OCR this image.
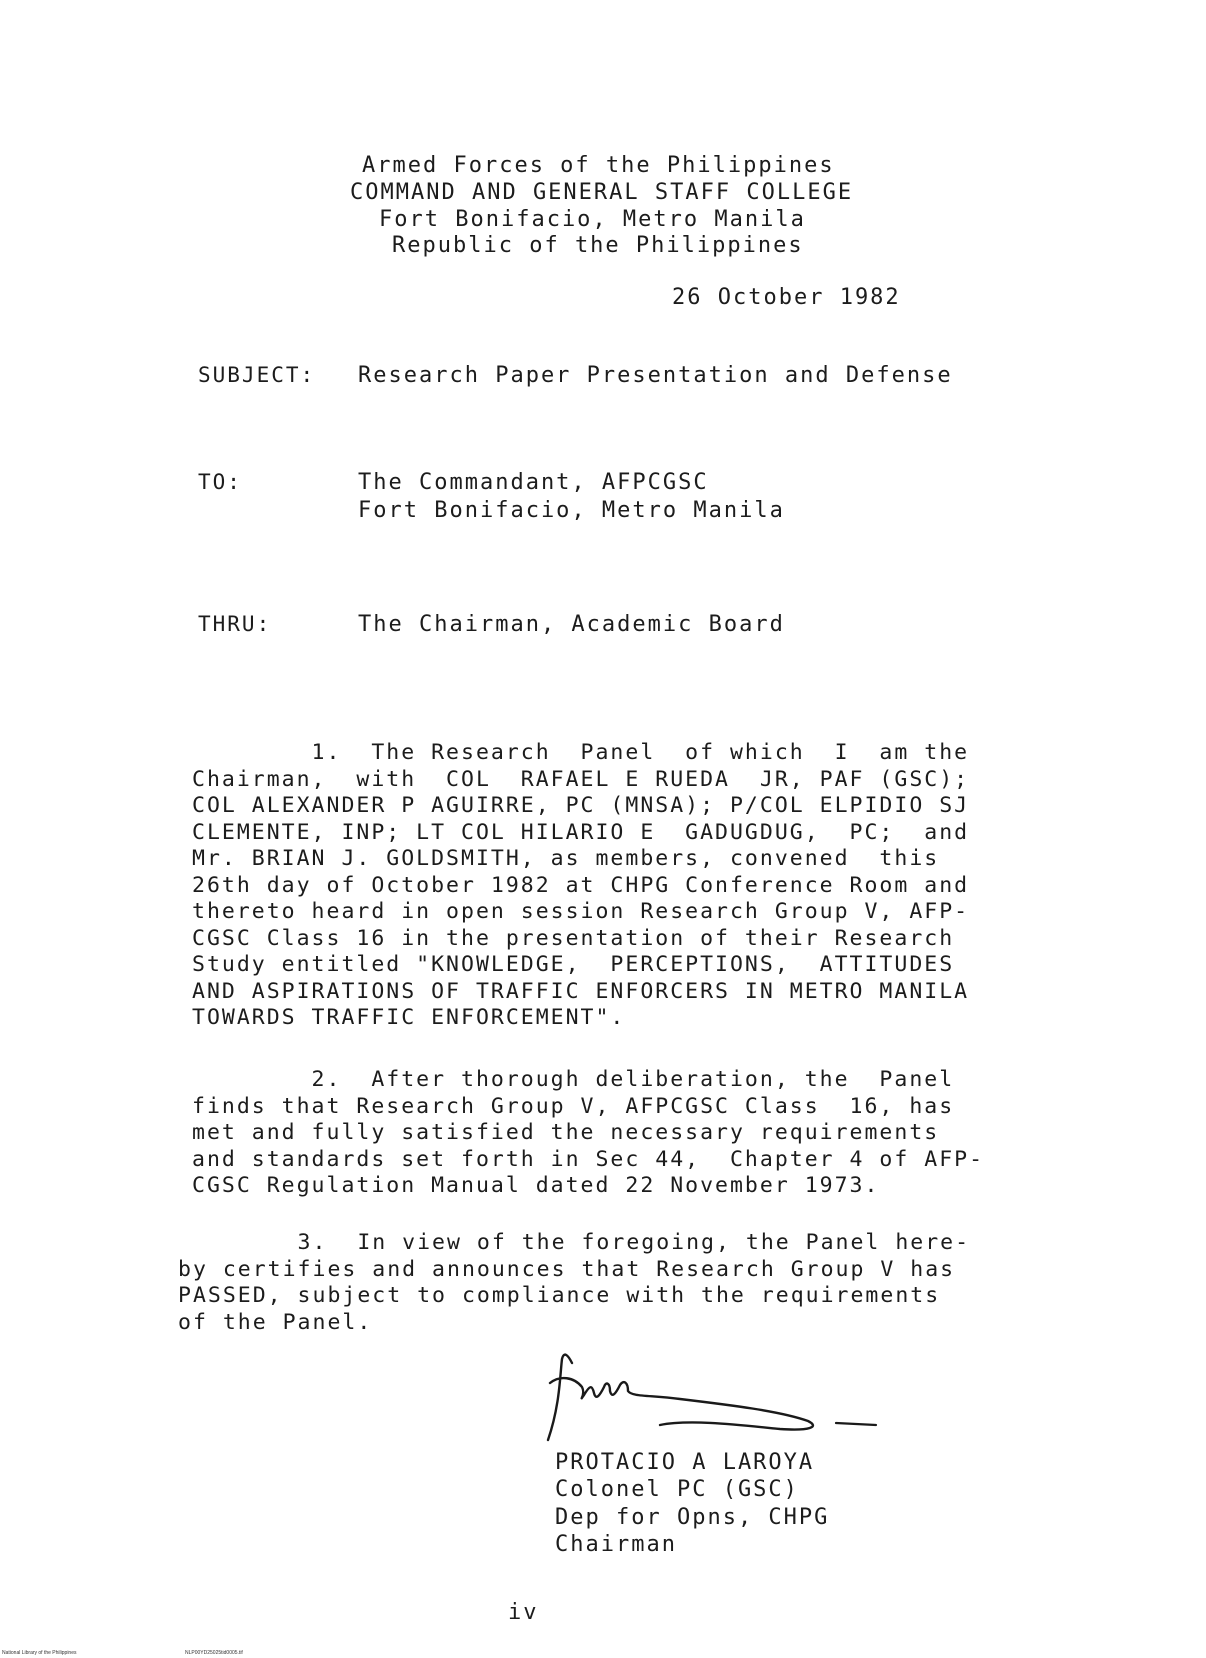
Armed Forces of the Philippines
COMMAND AND GENERAL STAFF COLLEGE
Fort Bonifacio, Metro Manila
Republic of the Philippines
26 October 1982
SUBJECT: Research Paper Presentation and Defense
TO:	The Commandant, AFPCGSC
Fort Bonifacio, Metro Manila
THRU:	The Chairman, Academic Board
1.  The Research  Panel  of which  I  am the
Chairman,  with  COL  RAFAEL E RUEDA  JR, PAF (GSC);
COL ALEXANDER P AGUIRRE, PC (MNSA); P/COL ELPIDIO SJ
CLEMENTE, INP; LT COL HILARIO E  GADUGDUG,  PC;  and
Mr. BRIAN J. GOLDSMITH, as members, convened  this
26th day of October 1982 at CHPG Conference Room and
thereto heard in open session Research Group V, AFP-
CGSC Class 16 in the presentation of their Research
Study entitled "KNOWLEDGE,  PERCEPTIONS,  ATTITUDES
AND ASPIRATIONS OF TRAFFIC ENFORCERS IN METRO MANILA
TOWARDS TRAFFIC ENFORCEMENT".
2.  After thorough deliberation, the  Panel
finds that Research Group V, AFPCGSC Class  16, has
met and fully satisfied the necessary requirements
and standards set forth in Sec 44,  Chapter 4 of AFP-
CGSC Regulation Manual dated 22 November 1973.
3.  In view of the foregoing, the Panel here-
by certifies and announces that Research Group V has
PASSED, subject to compliance with the requirements
of the Panel.
PROTACIO A LAROYA
Colonel PC (GSC)
Dep for Opns, CHPG
Chairman
iv
National Library of the Philippines	NLP00YD25025tid0005.tif
